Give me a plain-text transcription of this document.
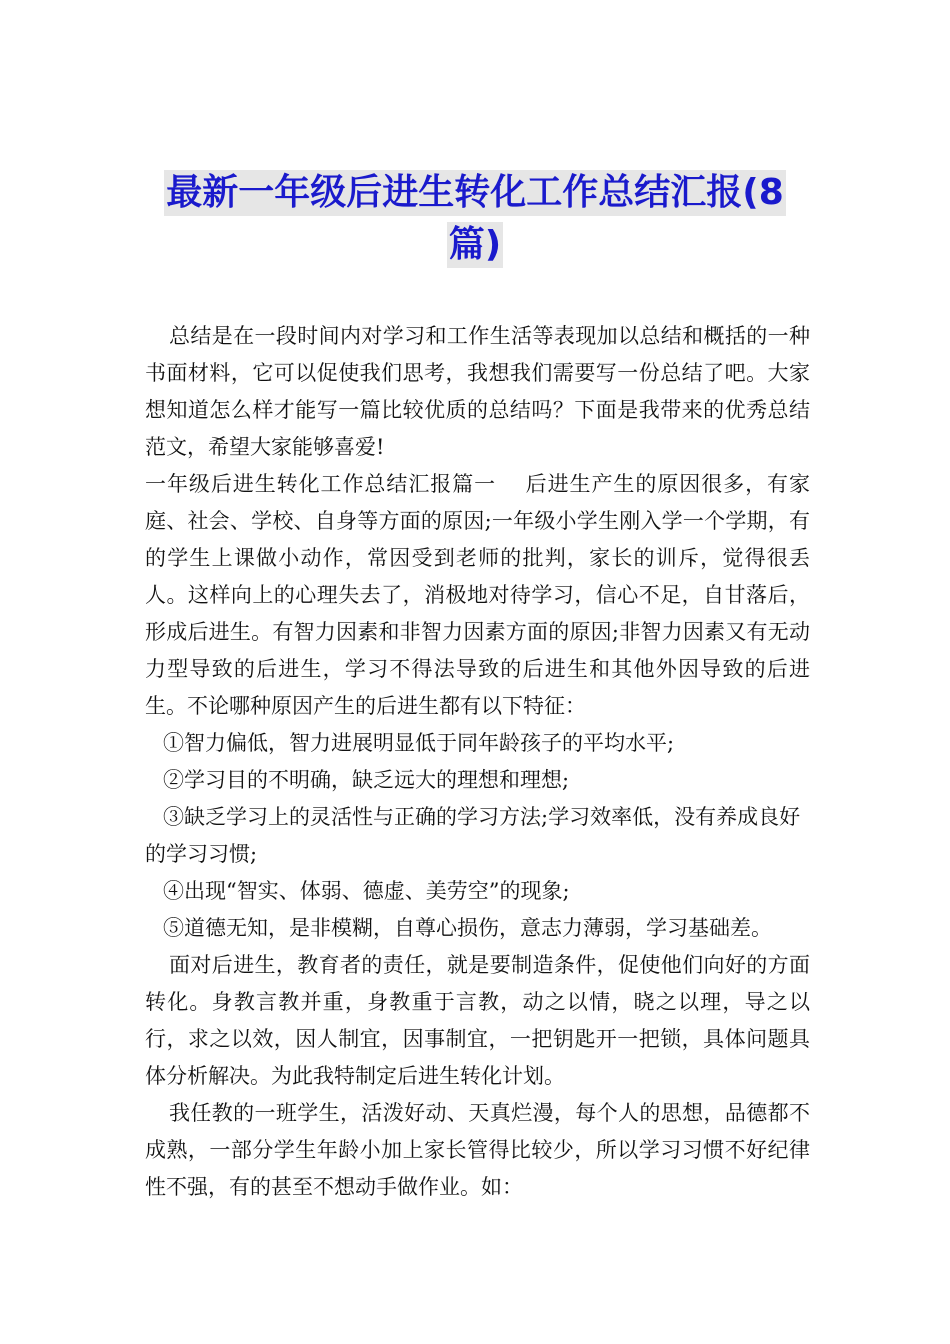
最新一年级后进生转化工作总结汇报(8
篇)

总结是在一段时间内对学习和工作生活等表现加以总结和概括的一种书面材料，它可以促使我们思考，我想我们需要写一份总结了吧。大家想知道怎么样才能写一篇比较优质的总结吗？下面是我带来的优秀总结范文，希望大家能够喜爱!

一年级后进生转化工作总结汇报篇一　 后进生产生的原因很多，有家庭、社会、学校、自身等方面的原因;一年级小学生刚入学一个学期，有的学生上课做小动作，常因受到老师的批判，家长的训斥，觉得很丢人。这样向上的心理失去了，消极地对待学习，信心不足，自甘落后，形成后进生。有智力因素和非智力因素方面的原因;非智力因素又有无动力型导致的后进生，学习不得法导致的后进生和其他外因导致的后进生。不论哪种原因产生的后进生都有以下特征：

①智力偏低，智力进展明显低于同年龄孩子的平均水平;

②学习目的不明确，缺乏远大的理想和理想;

③缺乏学习上的灵活性与正确的学习方法;学习效率低，没有养成良好的学习习惯;

④出现“智实、体弱、德虚、美劳空”的现象;

⑤道德无知，是非模糊，自尊心损伤，意志力薄弱，学习基础差。

面对后进生，教育者的责任，就是要制造条件，促使他们向好的方面转化。身教言教并重，身教重于言教，动之以情，晓之以理，导之以行，求之以效，因人制宜，因事制宜，一把钥匙开一把锁，具体问题具体分析解决。为此我特制定后进生转化计划。

我任教的一班学生，活泼好动、天真烂漫，每个人的思想，品德都不成熟，一部分学生年龄小加上家长管得比较少，所以学习习惯不好纪律性不强，有的甚至不想动手做作业。如：
